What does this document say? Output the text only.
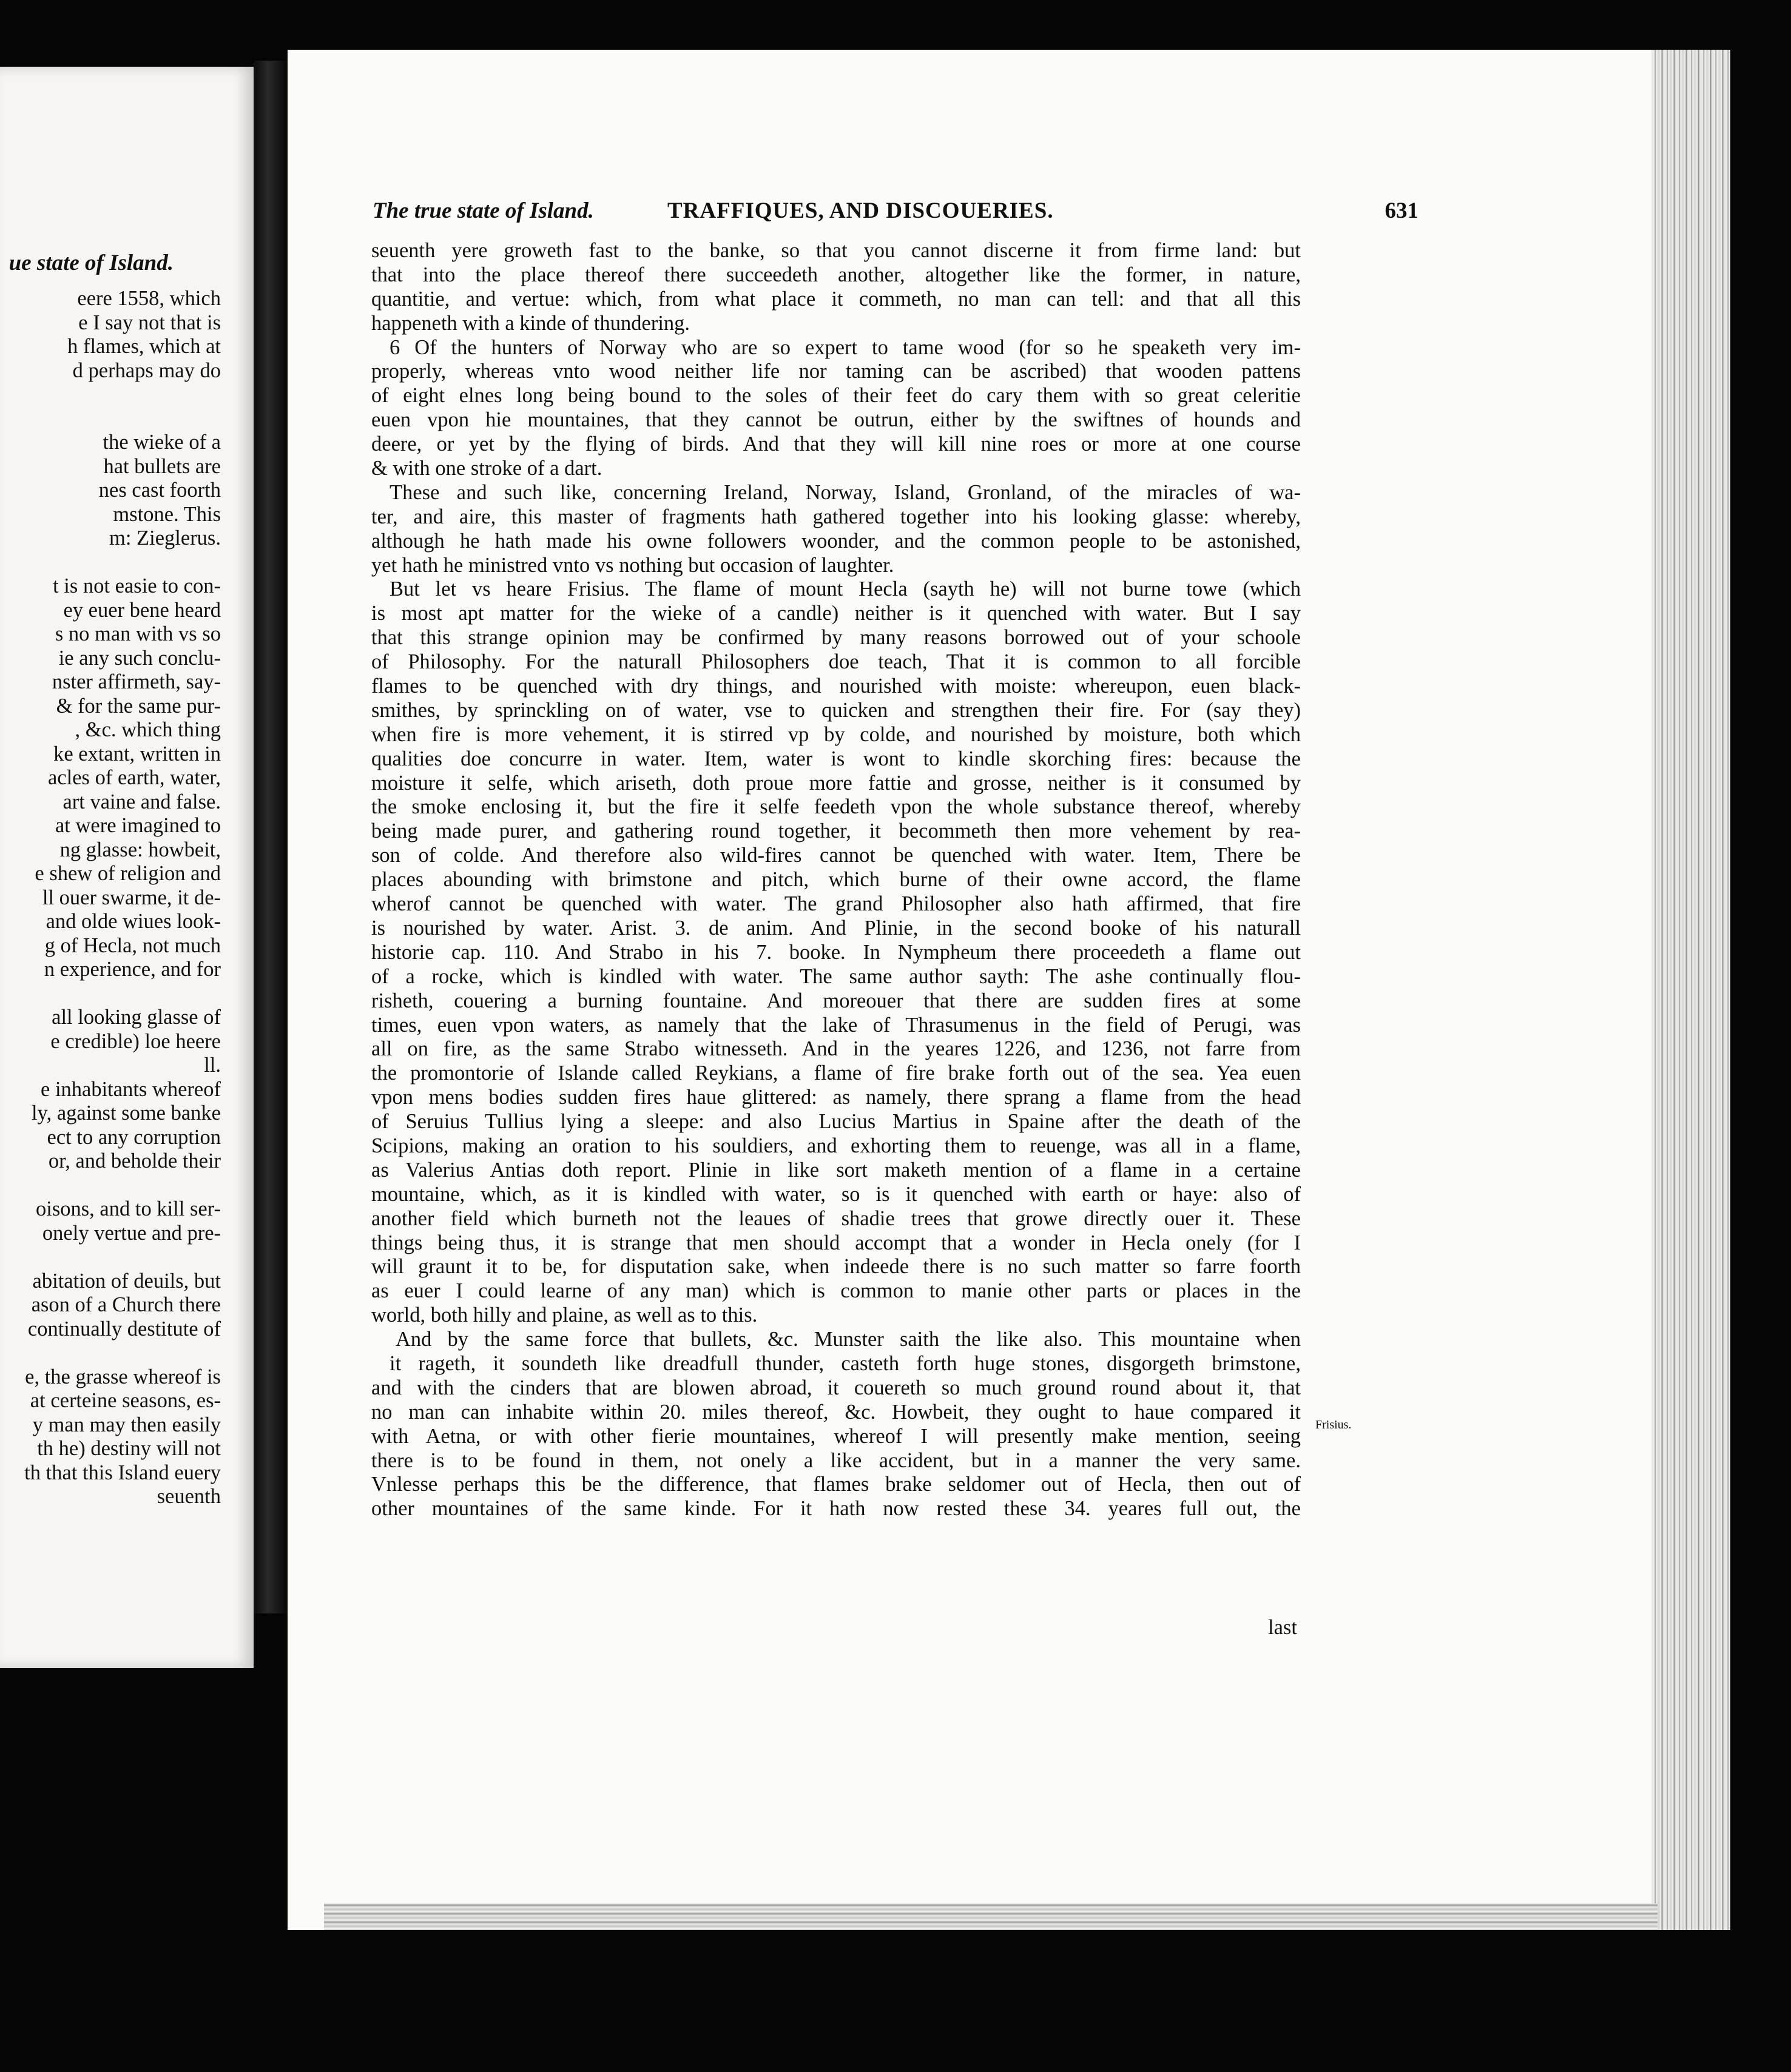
ue state of Island.
eere 1558, which
e I say not that is
h flames, which at
d perhaps may do
the wieke of a
hat bullets are
nes cast foorth
mstone. This
m: Zieglerus.
t is not easie to con-
ey euer bene heard
s no man with vs so
ie any such conclu-
nster affirmeth, say-
& for the same pur-
, &c. which thing
ke extant, written in
acles of earth, water,
art vaine and false.
at were imagined to
ng glasse: howbeit,
e shew of religion and
ll ouer swarme, it de-
and olde wiues look-
g of Hecla, not much
n experience, and for
all looking glasse of
e credible) loe heere
ll.
e inhabitants whereof
ly, against some banke
ect to any corruption
or, and beholde their
oisons, and to kill ser-
onely vertue and pre-
abitation of deuils, but
ason of a Church there
continually destitute of
e, the grasse whereof is
at certeine seasons, es-
y man may then easily
th he) destiny will not
th that this Island euery
seuenth
The true state of Island.	TRAFFIQUES, AND DISCOUERIES.	631
seuenth yere groweth fast to the banke, so that you cannot discerne it from firme land: but
that into the place thereof there succeedeth another, altogether like the former, in nature,
quantitie, and vertue: which, from what place it commeth, no man can tell: and that all this
happeneth with a kinde of thundering.
6 Of the hunters of Norway who are so expert to tame wood (for so he speaketh very im-
properly, whereas vnto wood neither life nor taming can be ascribed) that wooden pattens
of eight elnes long being bound to the soles of their feet do cary them with so great celeritie
euen vpon hie mountaines, that they cannot be outrun, either by the swiftnes of hounds and
deere, or yet by the flying of birds. And that they will kill nine roes or more at one course
& with one stroke of a dart.
These and such like, concerning Ireland, Norway, Island, Gronland, of the miracles of wa-
ter, and aire, this master of fragments hath gathered together into his looking glasse: whereby,
although he hath made his owne followers woonder, and the common people to be astonished,
yet hath he ministred vnto vs nothing but occasion of laughter.
But let vs heare Frisius. The flame of mount Hecla (sayth he) will not burne towe (which
is most apt matter for the wieke of a candle) neither is it quenched with water. But I say
that this strange opinion may be confirmed by many reasons borrowed out of your schoole
of Philosophy. For the naturall Philosophers doe teach, That it is common to all forcible
flames to be quenched with dry things, and nourished with moiste: whereupon, euen black-
smithes, by sprinckling on of water, vse to quicken and strengthen their fire. For (say they)
when fire is more vehement, it is stirred vp by colde, and nourished by moisture, both which
qualities doe concurre in water. Item, water is wont to kindle skorching fires: because the
moisture it selfe, which ariseth, doth proue more fattie and grosse, neither is it consumed by
the smoke enclosing it, but the fire it selfe feedeth vpon the whole substance thereof, whereby
being made purer, and gathering round together, it becommeth then more vehement by rea-
son of colde. And therefore also wild-fires cannot be quenched with water. Item, There be
places abounding with brimstone and pitch, which burne of their owne accord, the flame
wherof cannot be quenched with water. The grand Philosopher also hath affirmed, that fire
is nourished by water. Arist. 3. de anim. And Plinie, in the second booke of his naturall
historie cap. 110. And Strabo in his 7. booke. In Nympheum there proceedeth a flame out
of a rocke, which is kindled with water. The same author sayth: The ashe continually flou-
risheth, couering a burning fountaine. And moreouer that there are sudden fires at some
times, euen vpon waters, as namely that the lake of Thrasumenus in the field of Perugi, was
all on fire, as the same Strabo witnesseth. And in the yeares 1226, and 1236, not farre from
the promontorie of Islande called Reykians, a flame of fire brake forth out of the sea. Yea euen
vpon mens bodies sudden fires haue glittered: as namely, there sprang a flame from the head
of Seruius Tullius lying a sleepe: and also Lucius Martius in Spaine after the death of the
Scipions, making an oration to his souldiers, and exhorting them to reuenge, was all in a flame,
as Valerius Antias doth report. Plinie in like sort maketh mention of a flame in a certaine
mountaine, which, as it is kindled with water, so is it quenched with earth or haye: also of
another field which burneth not the leaues of shadie trees that growe directly ouer it. These
things being thus, it is strange that men should accompt that a wonder in Hecla onely (for I
will graunt it to be, for disputation sake, when indeede there is no such matter so farre foorth
as euer I could learne of any man) which is common to manie other parts or places in the
world, both hilly and plaine, as well as to this.
And by the same force that bullets, &c. Munster saith the like also. This mountaine when
it rageth, it soundeth like dreadfull thunder, casteth forth huge stones, disgorgeth brimstone,
and with the cinders that are blowen abroad, it couereth so much ground round about it, that
no man can inhabite within 20. miles thereof, &c. Howbeit, they ought to haue compared it
with Aetna, or with other fierie mountaines, whereof I will presently make mention, seeing
there is to be found in them, not onely a like accident, but in a manner the very same.
Vnlesse perhaps this be the difference, that flames brake seldomer out of Hecla, then out of
other mountaines of the same kinde. For it hath now rested these 34. yeares full out, the
Frisius.
last
